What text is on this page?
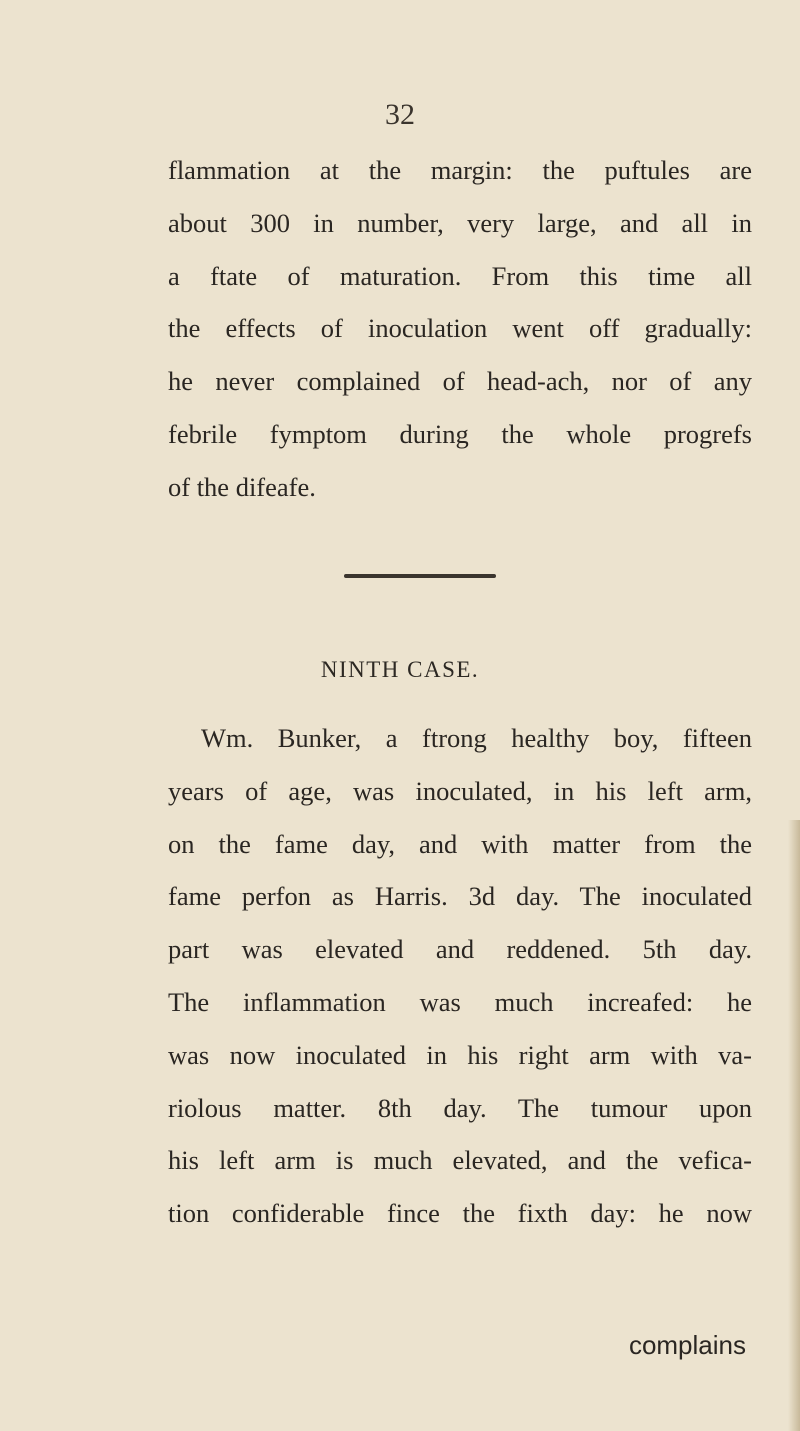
32
flammation at the margin: the puftules are
about 300 in number, very large, and all in
a ftate of maturation. From this time all
the effects of inoculation went off gradually:
he never complained of head-ach, nor of any
febrile fymptom during the whole progrefs
of the difeafe.
NINTH CASE.
Wm. Bunker, a ftrong healthy boy, fifteen
years of age, was inoculated, in his left arm,
on the fame day, and with matter from the
fame perfon as Harris. 3d day. The inoculated
part was elevated and reddened. 5th day.
The inflammation was much increafed: he
was now inoculated in his right arm with va-
riolous matter. 8th day. The tumour upon
his left arm is much elevated, and the vefica-
tion confiderable fince the fixth day: he now
complains
